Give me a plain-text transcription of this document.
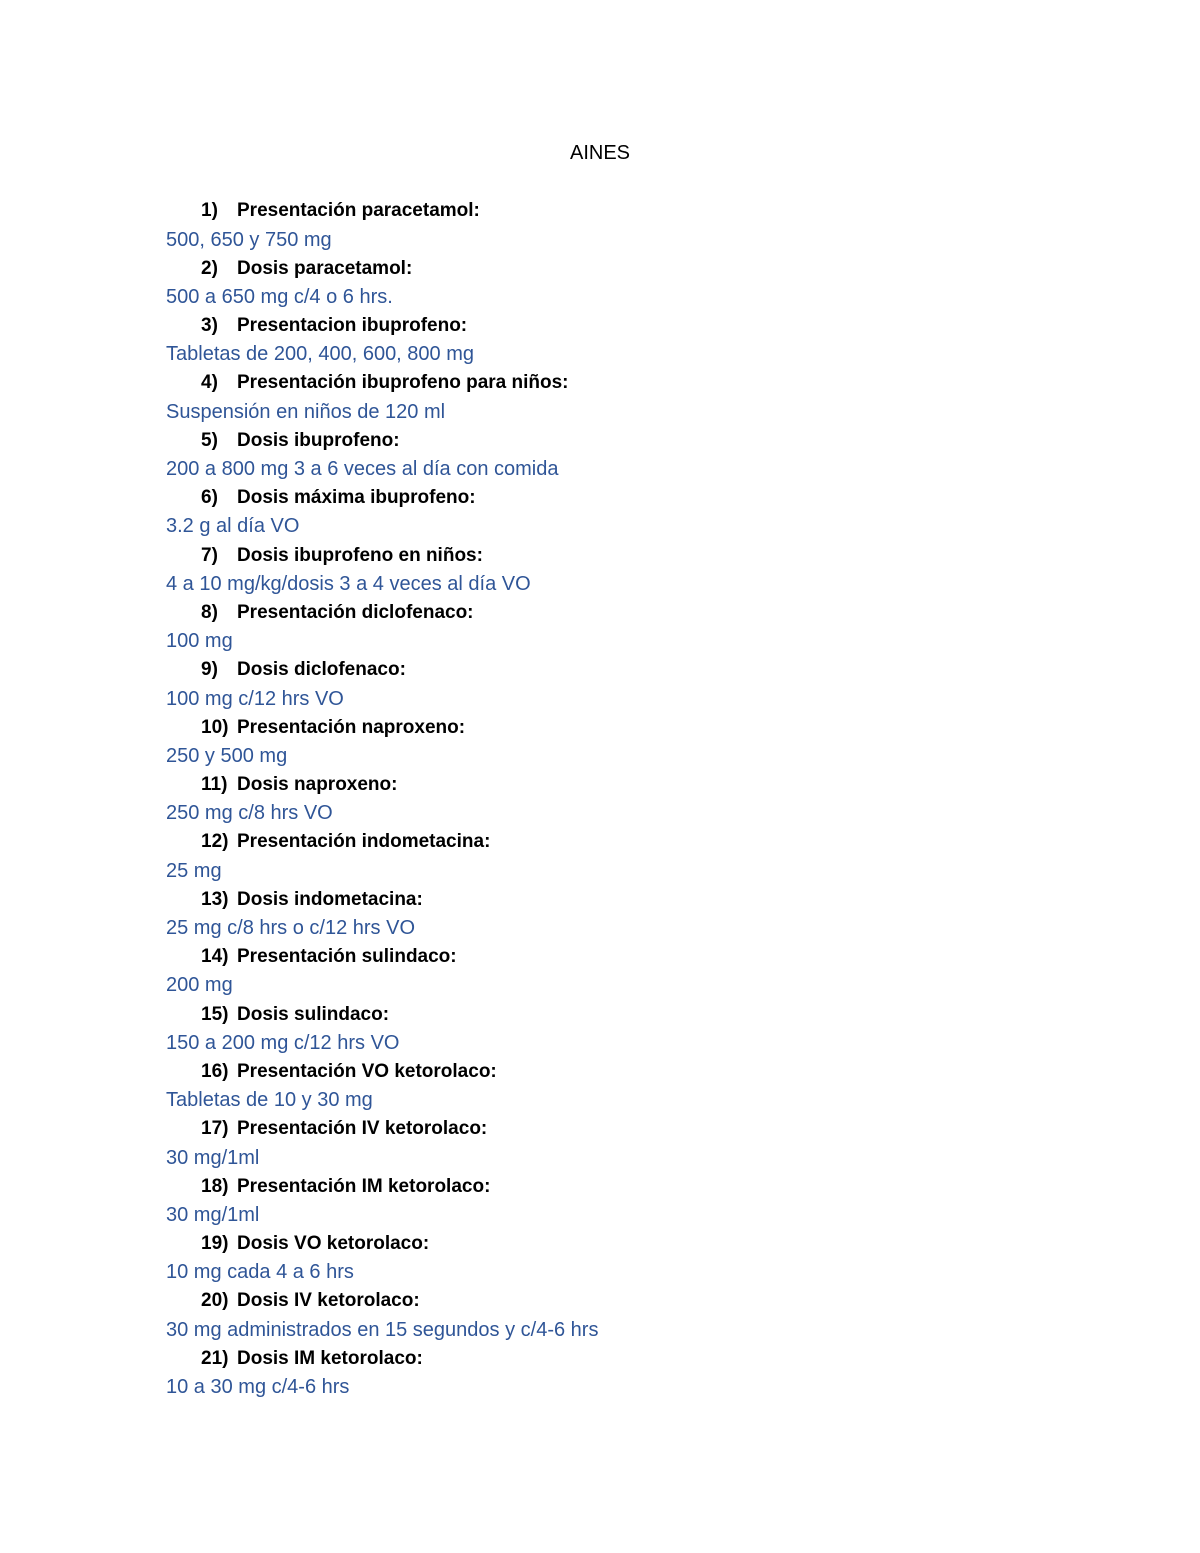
AINES
1)	Presentación paracetamol:
500, 650 y 750 mg
2)	Dosis paracetamol:
500 a 650 mg c/4 o 6 hrs.
3)	Presentacion ibuprofeno:
Tabletas de 200, 400, 600, 800 mg
4)	Presentación ibuprofeno para niños:
Suspensión en niños de 120 ml
5)	Dosis ibuprofeno:
200 a 800 mg 3 a 6 veces al día con comida
6)	Dosis máxima ibuprofeno:
3.2 g al día VO
7)	Dosis ibuprofeno en niños:
4 a 10 mg/kg/dosis 3 a 4 veces al día VO
8)	Presentación diclofenaco:
100 mg
9)	Dosis diclofenaco:
100 mg c/12 hrs VO
10) Presentación naproxeno:
250 y 500 mg
11) Dosis naproxeno:
250 mg c/8 hrs VO
12) Presentación indometacina:
25 mg
13) Dosis indometacina:
25 mg c/8 hrs o c/12 hrs VO
14) Presentación sulindaco:
200 mg
15) Dosis sulindaco:
150 a 200 mg c/12 hrs VO
16) Presentación VO ketorolaco:
Tabletas de 10 y 30 mg
17) Presentación IV ketorolaco:
30 mg/1ml
18) Presentación IM ketorolaco:
30 mg/1ml
19) Dosis VO ketorolaco:
10 mg cada 4 a 6 hrs
20) Dosis IV ketorolaco:
30 mg administrados en 15 segundos y c/4-6 hrs
21) Dosis IM ketorolaco:
10 a 30 mg c/4-6 hrs
